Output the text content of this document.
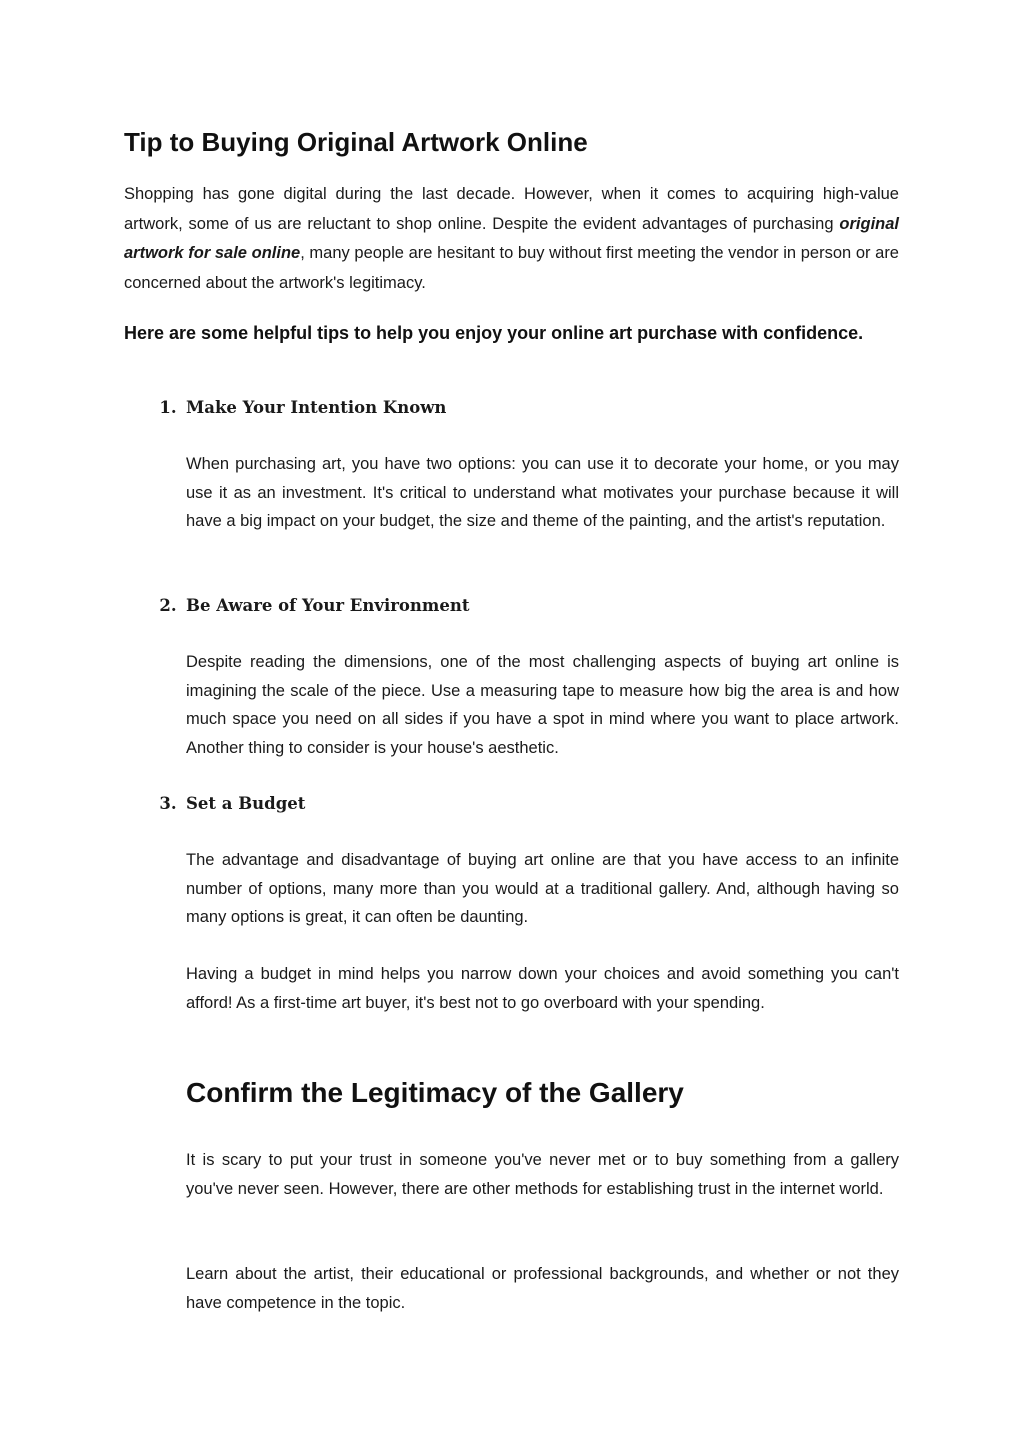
Tip to Buying Original Artwork Online

Shopping has gone digital during the last decade. However, when it comes to acquiring high-value artwork, some of us are reluctant to shop online. Despite the evident advantages of purchasing original artwork for sale online, many people are hesitant to buy without first meeting the vendor in person or are concerned about the artwork's legitimacy.

Here are some helpful tips to help you enjoy your online art purchase with confidence.

1. Make Your Intention Known

When purchasing art, you have two options: you can use it to decorate your home, or you may use it as an investment. It's critical to understand what motivates your purchase because it will have a big impact on your budget, the size and theme of the painting, and the artist's reputation.

2. Be Aware of Your Environment

Despite reading the dimensions, one of the most challenging aspects of buying art online is imagining the scale of the piece. Use a measuring tape to measure how big the area is and how much space you need on all sides if you have a spot in mind where you want to place artwork. Another thing to consider is your house's aesthetic.

3. Set a Budget

The advantage and disadvantage of buying art online are that you have access to an infinite number of options, many more than you would at a traditional gallery. And, although having so many options is great, it can often be daunting.

Having a budget in mind helps you narrow down your choices and avoid something you can't afford! As a first-time art buyer, it's best not to go overboard with your spending.

Confirm the Legitimacy of the Gallery

It is scary to put your trust in someone you've never met or to buy something from a gallery you've never seen. However, there are other methods for establishing trust in the internet world.

Learn about the artist, their educational or professional backgrounds, and whether or not they have competence in the topic.
